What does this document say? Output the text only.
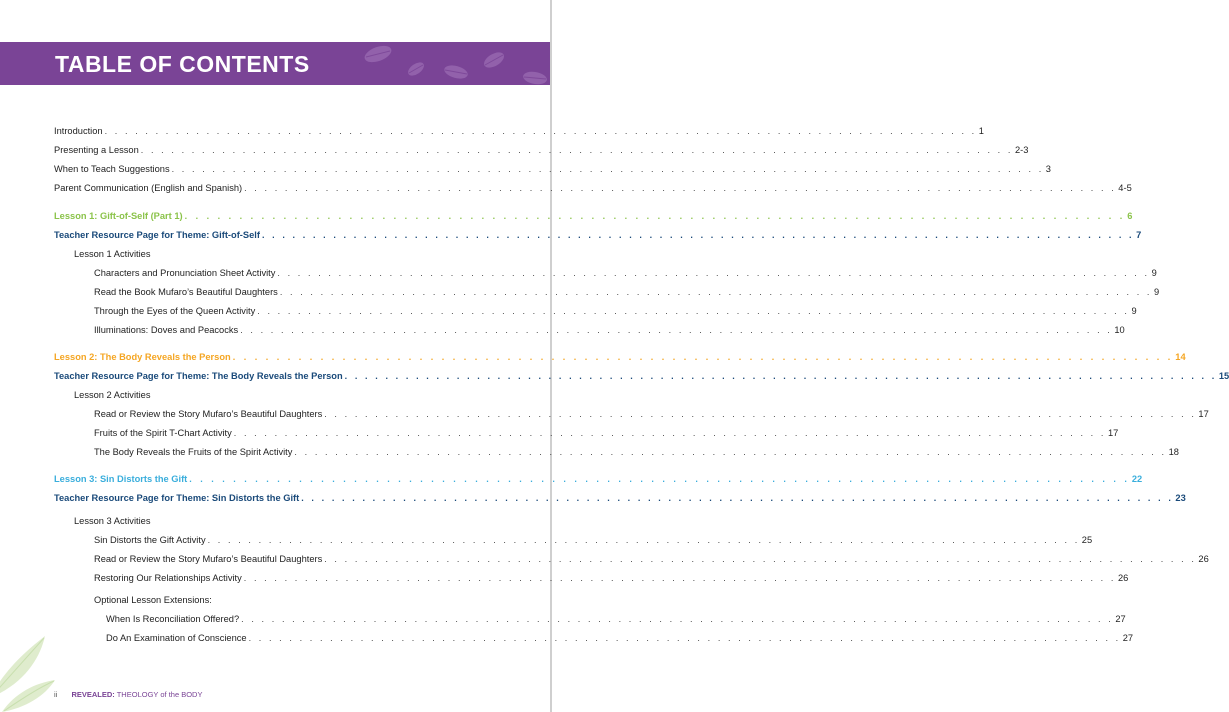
TABLE OF CONTENTS
Introduction . . . . . . . . . . . . . . . . . . . . . . . . . . . . . . . . . . . . . . . . . . . . . . . . . . . . . . . . . . . . . . . . . . . . . . . . . . . . . . . . . . . . . . 1
Presenting a Lesson . . . . . . . . . . . . . . . . . . . . . . . . . . . . . . . . . . . . . . . . . . . . . . . . . . . . . . . . . . . . . . . . . . . . . . . . . . . . . . . . . . . . . . 2-3
When to Teach Suggestions . . . . . . . . . . . . . . . . . . . . . . . . . . . . . . . . . . . . . . . . . . . . . . . . . . . . . . . . . . . . . . . . . . . . . . . . . . . . . . . . . . . . . . 3
Parent Communication (English and Spanish) . . . . . . . . . . . . . . . . . . . . . . . . . . . . . . . . . . . . . . . . . . . . . . . . . . . . . . . . . . . . . . . . . . . . . . . . . . . . . . . . . . . . . . 4-5
Lesson 1: Gift-of-Self (Part 1) . . . . . . . . . . . . . . . . . . . . . . . . . . . . . . . . . . . . . . . . . . . . . . . . . . . . . . . . . . . . . . . . . . . . . . . . . . . . . . . . . . . . . . 6
Teacher Resource Page for Theme: Gift-of-Self . . . . . . . . . . . . . . . . . . . . . . . . . . . . . . . . . . . . . . . . . . . . . . . . . . . . . . . . . . . . . . . . . . . . . . . . . . . . . . . . . . . . . . 7
Lesson 1 Activities
Characters and Pronunciation Sheet Activity . . . . . . . . . . . . . . . . . . . . . . . . . . . . . . . . . . . . . . . . . . . . . . . . . . . . . . . . . . . . . . . . . . . . . . . . . . . . . . . . . . . . . . 9
Read the Book Mufaro’s Beautiful Daughters . . . . . . . . . . . . . . . . . . . . . . . . . . . . . . . . . . . . . . . . . . . . . . . . . . . . . . . . . . . . . . . . . . . . . . . . . . . . . . . . . . . . . . 9
Through the Eyes of the Queen Activity . . . . . . . . . . . . . . . . . . . . . . . . . . . . . . . . . . . . . . . . . . . . . . . . . . . . . . . . . . . . . . . . . . . . . . . . . . . . . . . . . . . . . . 9
Illuminations: Doves and Peacocks . . . . . . . . . . . . . . . . . . . . . . . . . . . . . . . . . . . . . . . . . . . . . . . . . . . . . . . . . . . . . . . . . . . . . . . . . . . . . . . . . . . . . . 10
Lesson 2: The Body Reveals the Person . . . . . . . . . . . . . . . . . . . . . . . . . . . . . . . . . . . . . . . . . . . . . . . . . . . . . . . . . . . . . . . . . . . . . . . . . . . . . . . . . . . . . . 14
Teacher Resource Page for Theme: The Body Reveals the Person . . . . . . . . . . . . . . . . . . . . . . . . . . . . . . . . . . . . . . . . . . . . . . . . . . . . . . . . . . . . . . . . . . . . . . . . . . . . . . . . . . . . . . 15
Lesson 2 Activities
Read or Review the Story Mufaro’s Beautiful Daughters . . . . . . . . . . . . . . . . . . . . . . . . . . . . . . . . . . . . . . . . . . . . . . . . . . . . . . . . . . . . . . . . . . . . . . . . . . . . . . . . . . . . . . 17
Fruits of the Spirit T-Chart Activity . . . . . . . . . . . . . . . . . . . . . . . . . . . . . . . . . . . . . . . . . . . . . . . . . . . . . . . . . . . . . . . . . . . . . . . . . . . . . . . . . . . . . . 17
The Body Reveals the Fruits of the Spirit Activity . . . . . . . . . . . . . . . . . . . . . . . . . . . . . . . . . . . . . . . . . . . . . . . . . . . . . . . . . . . . . . . . . . . . . . . . . . . . . . . . . . . . . . 18
Lesson 3: Sin Distorts the Gift . . . . . . . . . . . . . . . . . . . . . . . . . . . . . . . . . . . . . . . . . . . . . . . . . . . . . . . . . . . . . . . . . . . . . . . . . . . . . . . . . . . . . . 22
Teacher Resource Page for Theme: Sin Distorts the Gift . . . . . . . . . . . . . . . . . . . . . . . . . . . . . . . . . . . . . . . . . . . . . . . . . . . . . . . . . . . . . . . . . . . . . . . . . . . . . . . . . . . . . . 23
Lesson 3 Activities
Sin Distorts the Gift Activity . . . . . . . . . . . . . . . . . . . . . . . . . . . . . . . . . . . . . . . . . . . . . . . . . . . . . . . . . . . . . . . . . . . . . . . . . . . . . . . . . . . . . . 25
Read or Review the Story Mufaro’s Beautiful Daughters . . . . . . . . . . . . . . . . . . . . . . . . . . . . . . . . . . . . . . . . . . . . . . . . . . . . . . . . . . . . . . . . . . . . . . . . . . . . . . . . . . . . . . 26
Restoring Our Relationships Activity . . . . . . . . . . . . . . . . . . . . . . . . . . . . . . . . . . . . . . . . . . . . . . . . . . . . . . . . . . . . . . . . . . . . . . . . . . . . . . . . . . . . . . 26
Optional Lesson Extensions:
When Is Reconciliation Offered? . . . . . . . . . . . . . . . . . . . . . . . . . . . . . . . . . . . . . . . . . . . . . . . . . . . . . . . . . . . . . . . . . . . . . . . . . . . . . . . . . . . . . . 27
Do An Examination of Conscience . . . . . . . . . . . . . . . . . . . . . . . . . . . . . . . . . . . . . . . . . . . . . . . . . . . . . . . . . . . . . . . . . . . . . . . . . . . . . . . . . . . . . . 27
ii REVEALED: THEOLOGY of the BODY
